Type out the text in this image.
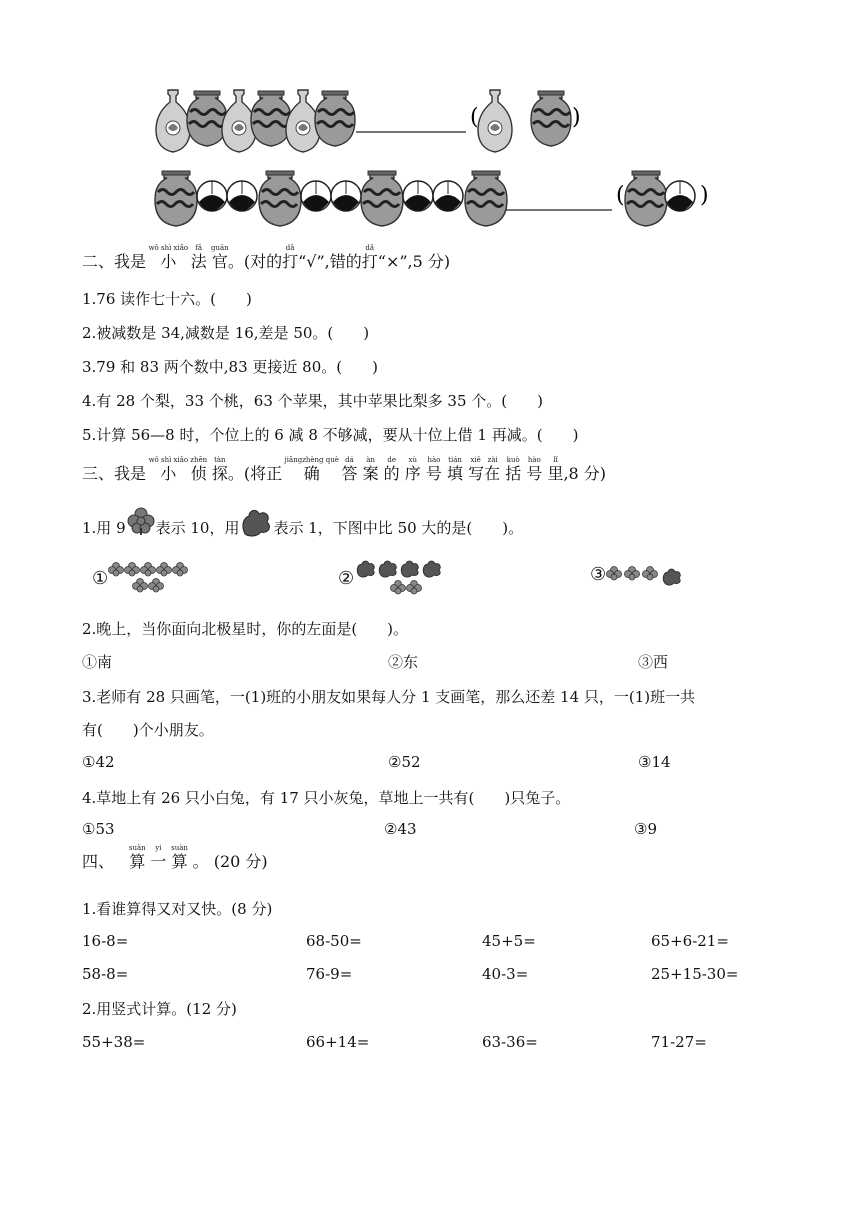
(	)
(	)
二、我是 小wǒ shì xiǎo 法fǎ 官guān。(对的打dǎ“√”,错的打dǎ“×”,5 分)
1.76 读作七十六。(　　)
2.被减数是 34,减数是 16,差是 50。(　　)
3.79 和 83 两个数中,83 更接近 80。(　　)
4.有 28 个梨，33 个桃，63 个苹果，其中苹果比梨多 35 个。(　　)
5.计算 56—8 时，个位上的 6 减 8 不够减，要从十位上借 1 再减。(　　)
三、我是 小wǒ shì xiǎo 侦zhēn 探tàn。(将正 确jiǎngzhèng què 答dá 案àn 的de 序xù 号hào 填tián 写在xiě zài 括kuò 号hào 里lǐ,8 分)
1.用 9 表示 10，用 表示 1，下图中比 50 大的是(　　)。
①	②	③
2.晚上，当你面向北极星时，你的左面是(　　)。
①南	②东	③西
3.老师有 28 只画笔，一(1)班的小朋友如果每人分 1 支画笔，那么还差 14 只，一(1)班一共
有(　　)个小朋友。
①42	②52	③14
4.草地上有 26 只小白兔，有 17 只小灰兔，草地上一共有(　　)只兔子。
①53	②43	③9
四、 算suàn 一yi 算suàn 。 (20 分)
1.看谁算得又对又快。(8 分)
16-8=	68-50=	45+5=	65+6-21=
58-8=	76-9=	40-3=	25+15-30=
2.用竖式计算。(12 分)
55+38=	66+14=	63-36=	71-27=
